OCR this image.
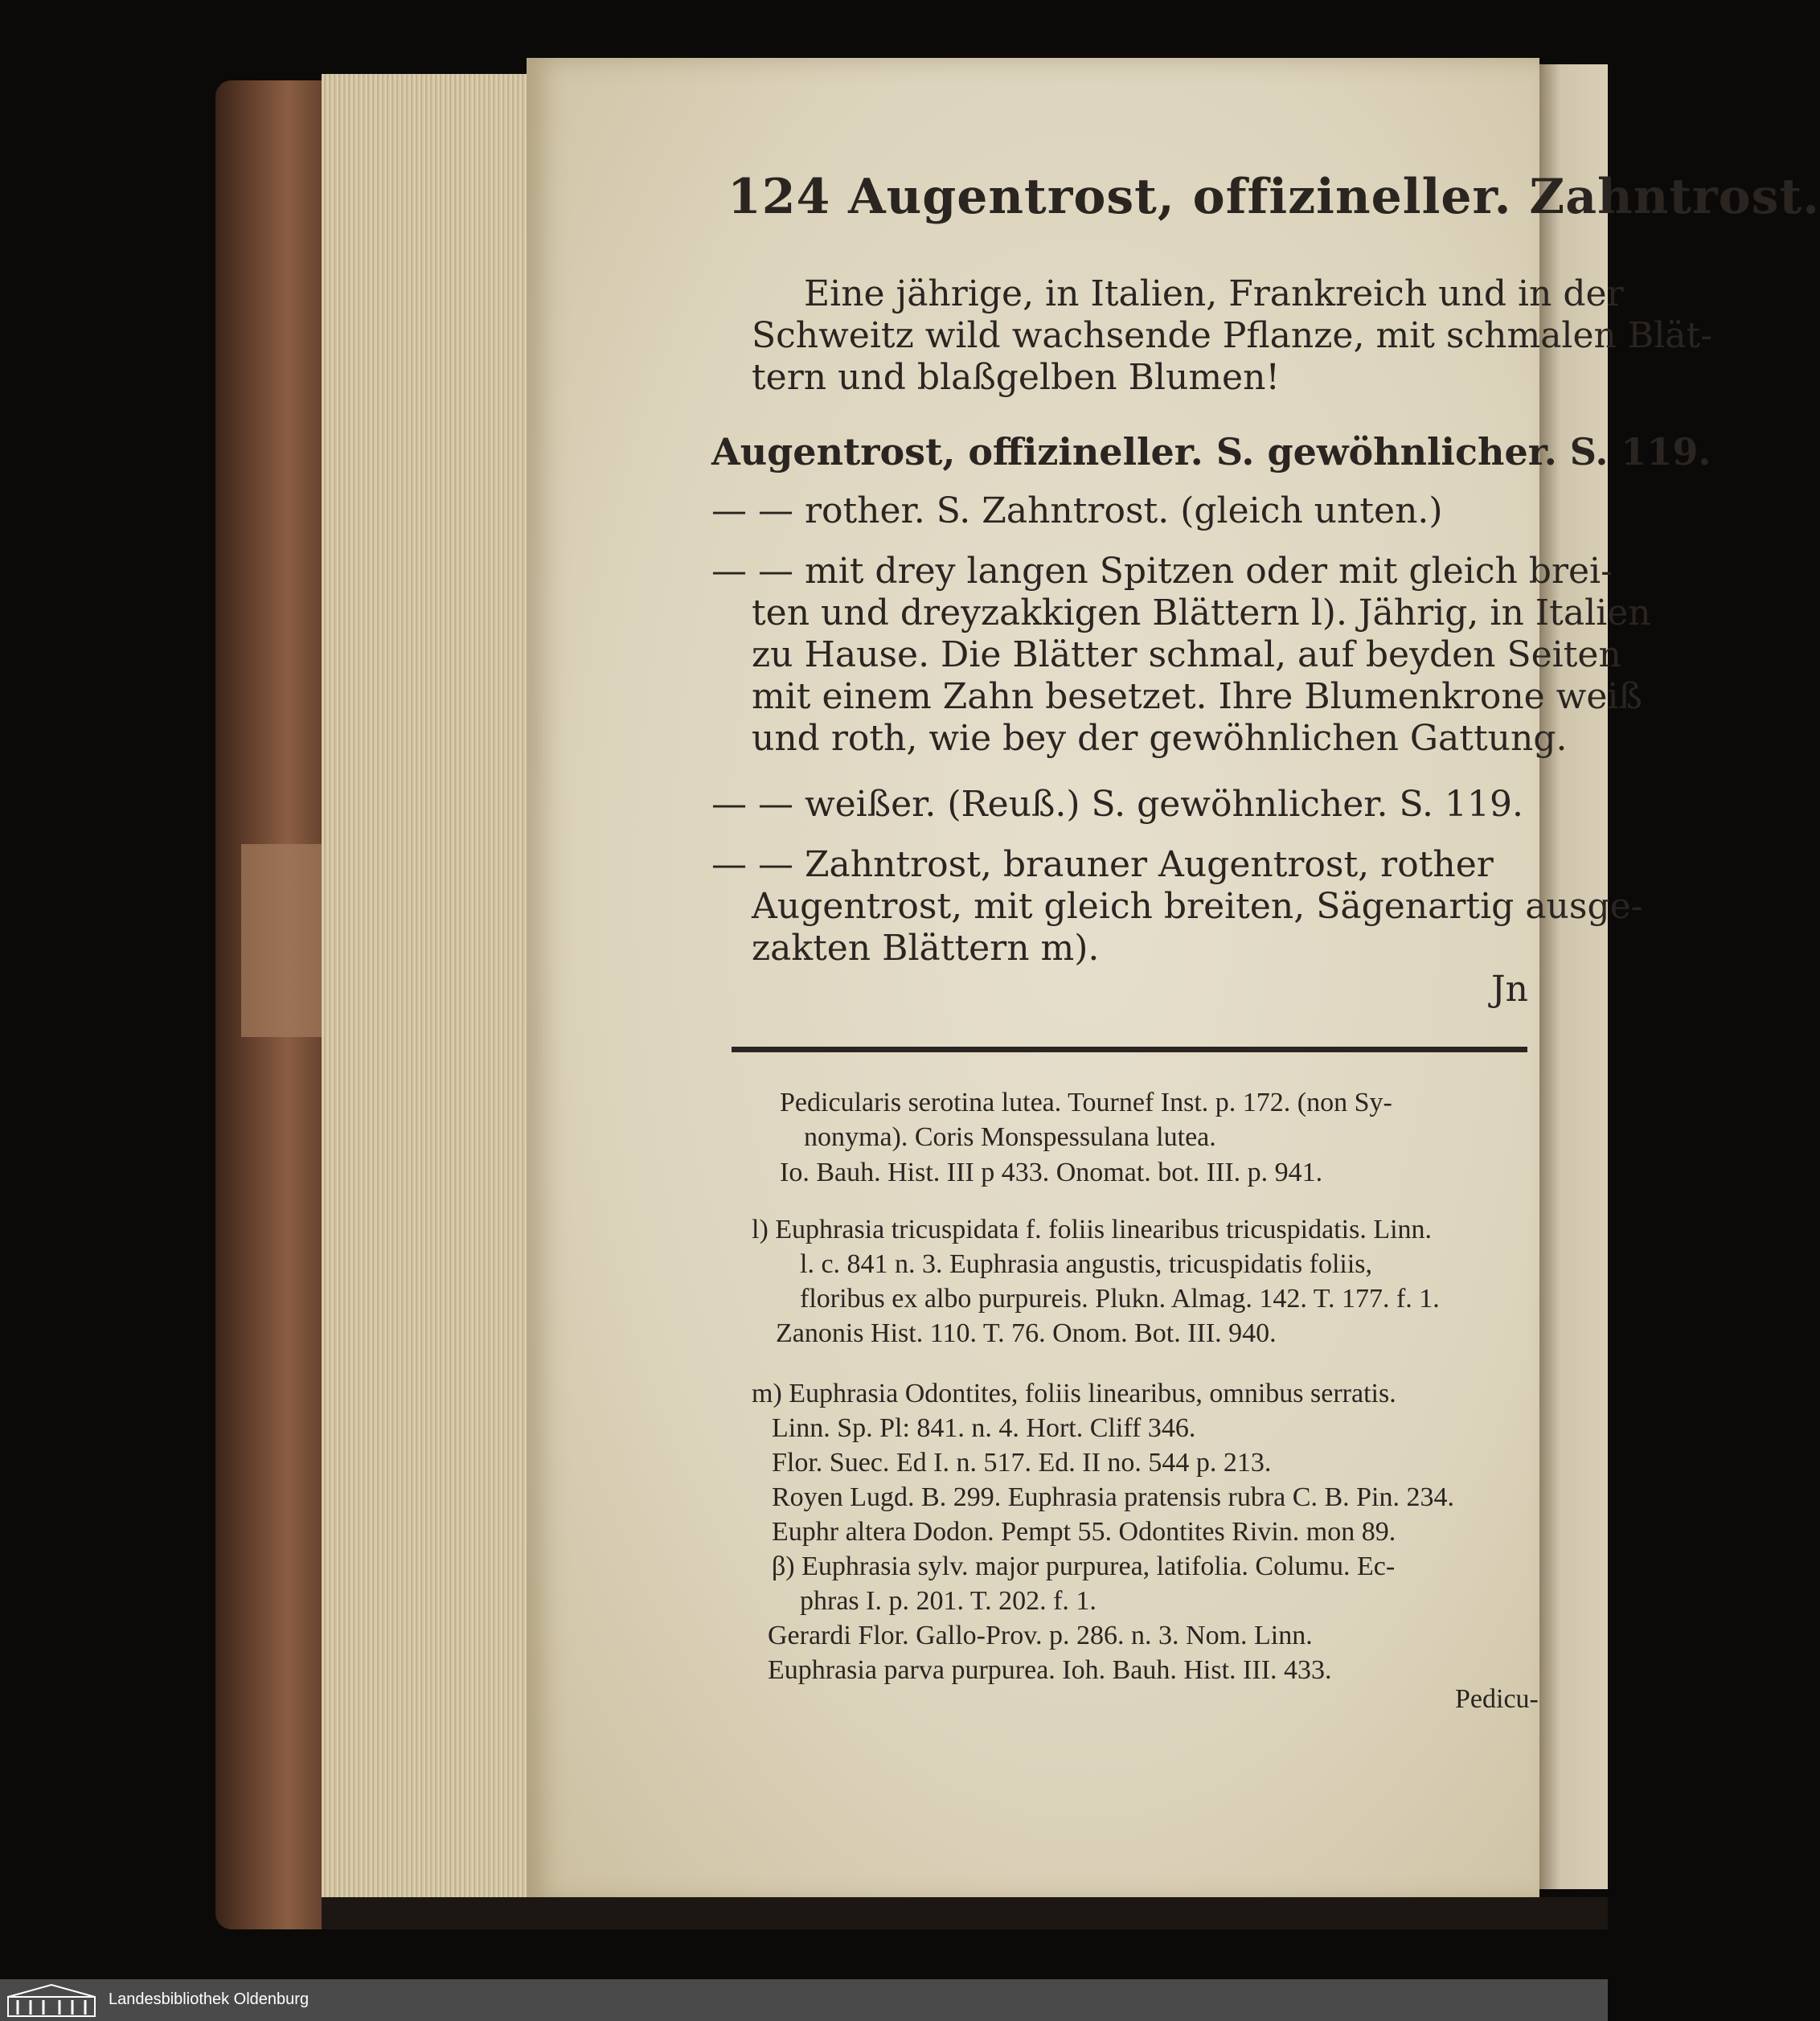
124 Augentrost, offizineller. Zahntrost.
Eine jährige, in Italien, Frankreich und in der
Schweitz wild wachsende Pflanze, mit schmalen Blät-
tern und blaßgelben Blumen!
Augentrost, offizineller. S. gewöhnlicher. S. 119.
— — rother. S. Zahntrost. (gleich unten.)
— — mit drey langen Spitzen oder mit gleich brei-
ten und dreyzakkigen Blättern l). Jährig, in Italien
zu Hause. Die Blätter schmal, auf beyden Seiten
mit einem Zahn besetzet. Ihre Blumenkrone weiß
und roth, wie bey der gewöhnlichen Gattung.
— — weißer. (Reuß.) S. gewöhnlicher. S. 119.
— — Zahntrost, brauner Augentrost, rother
Augentrost, mit gleich breiten, Sägenartig ausge-
zakten Blättern m).
Jn
Pedicularis serotina lutea. Tournef Inst. p. 172. (non Sy-
nonyma). Coris Monspessulana lutea.
Io. Bauh. Hist. III p 433. Onomat. bot. III. p. 941.
l) Euphrasia tricuspidata f. foliis linearibus tricuspidatis. Linn.
l. c. 841 n. 3. Euphrasia angustis, tricuspidatis foliis,
floribus ex albo purpureis. Plukn. Almag. 142. T. 177. f. 1.
Zanonis Hist. 110. T. 76. Onom. Bot. III. 940.
m) Euphrasia Odontites, foliis linearibus, omnibus serratis.
Linn. Sp. Pl: 841. n. 4. Hort. Cliff 346.
Flor. Suec. Ed I. n. 517. Ed. II no. 544 p. 213.
Royen Lugd. B. 299. Euphrasia pratensis rubra C. B. Pin. 234.
Euphr altera Dodon. Pempt 55. Odontites Rivin. mon 89.
β) Euphrasia sylv. major purpurea, latifolia. Columu. Ec-
phras I. p. 201. T. 202. f. 1.
Gerardi Flor. Gallo-Prov. p. 286. n. 3. Nom. Linn.
Euphrasia parva purpurea. Ioh. Bauh. Hist. III. 433.
Pedicu-
Landesbibliothek Oldenburg
